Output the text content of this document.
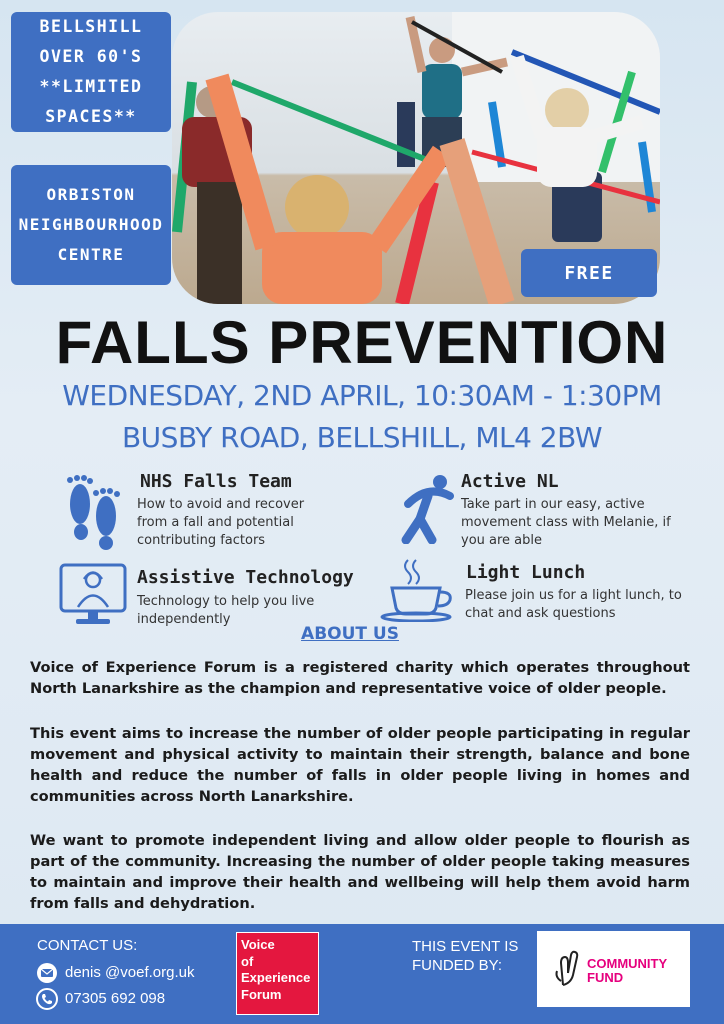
BELLSHILL
OVER 60'S
**LIMITED
SPACES**
ORBISTON
NEIGHBOURHOOD
CENTRE
FREE
FALLS PREVENTION
WEDNESDAY, 2ND APRIL, 10:30AM - 1:30PM
BUSBY ROAD, BELLSHILL, ML4 2BW
NHS Falls Team
How to avoid and recover
from a fall and potential
contributing factors
Active NL
Take part in our easy, active
movement class with Melanie, if
you are able
Assistive Technology
Technology to help you live
independently
Light Lunch
Please join us for a light lunch, to
chat and ask questions
ABOUT US
Voice of Experience Forum is a registered charity which operates throughout North Lanarkshire as the champion and representative voice of older people.
This event aims to increase the number of older people participating in regular movement and physical activity to maintain their strength, balance and bone health and reduce the number of falls in older people living in homes and communities across North Lanarkshire.
We want to promote independent living and allow older people to flourish as part of the community. Increasing the number of older people taking measures to maintain and improve their health and wellbeing will help them avoid harm from falls and dehydration.
CONTACT US:
denis @voef.org.uk
07305 692 098
Voice
of
Experience
Forum
THIS EVENT IS
FUNDED BY:	COMMUNITY
FUND
